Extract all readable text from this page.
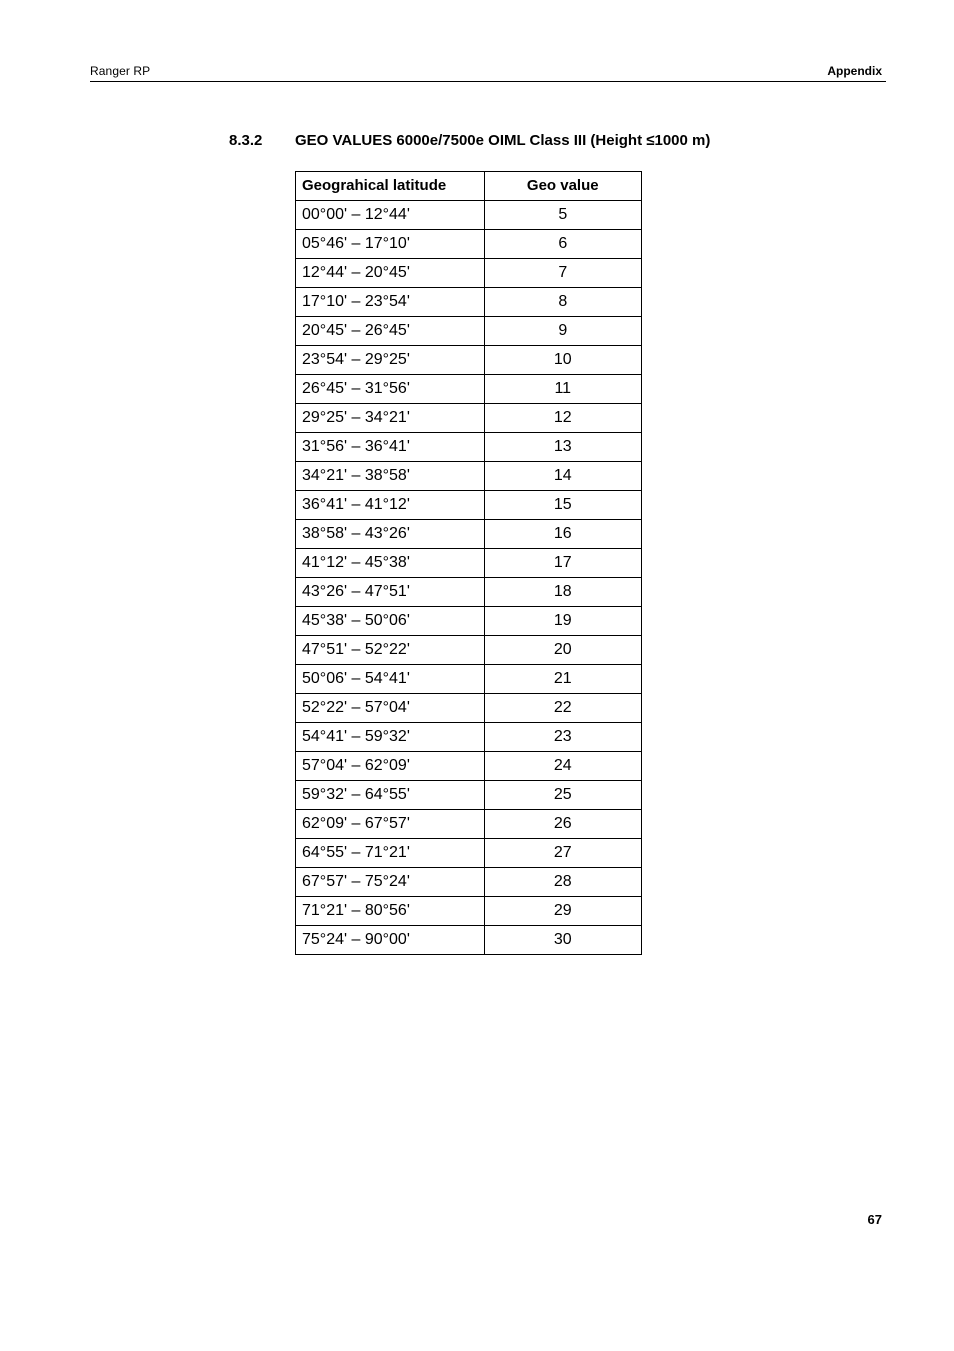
Ranger RP	Appendix
8.3.2 GEO VALUES 6000e/7500e OIML Class III (Height ≤1000 m)
Geograhical latitude	Geo value
00°00' – 12°44'	5
05°46' – 17°10'	6
12°44' – 20°45'	7
17°10' – 23°54'	8
20°45' – 26°45'	9
23°54' – 29°25'	10
26°45' – 31°56'	11
29°25' – 34°21'	12
31°56' – 36°41'	13
34°21' – 38°58'	14
36°41' – 41°12'	15
38°58' – 43°26'	16
41°12' – 45°38'	17
43°26' – 47°51'	18
45°38' – 50°06'	19
47°51' – 52°22'	20
50°06' – 54°41'	21
52°22' – 57°04'	22
54°41' – 59°32'	23
57°04' – 62°09'	24
59°32' – 64°55'	25
62°09' – 67°57'	26
64°55' – 71°21'	27
67°57' – 75°24'	28
71°21' – 80°56'	29
75°24' – 90°00'	30
67
